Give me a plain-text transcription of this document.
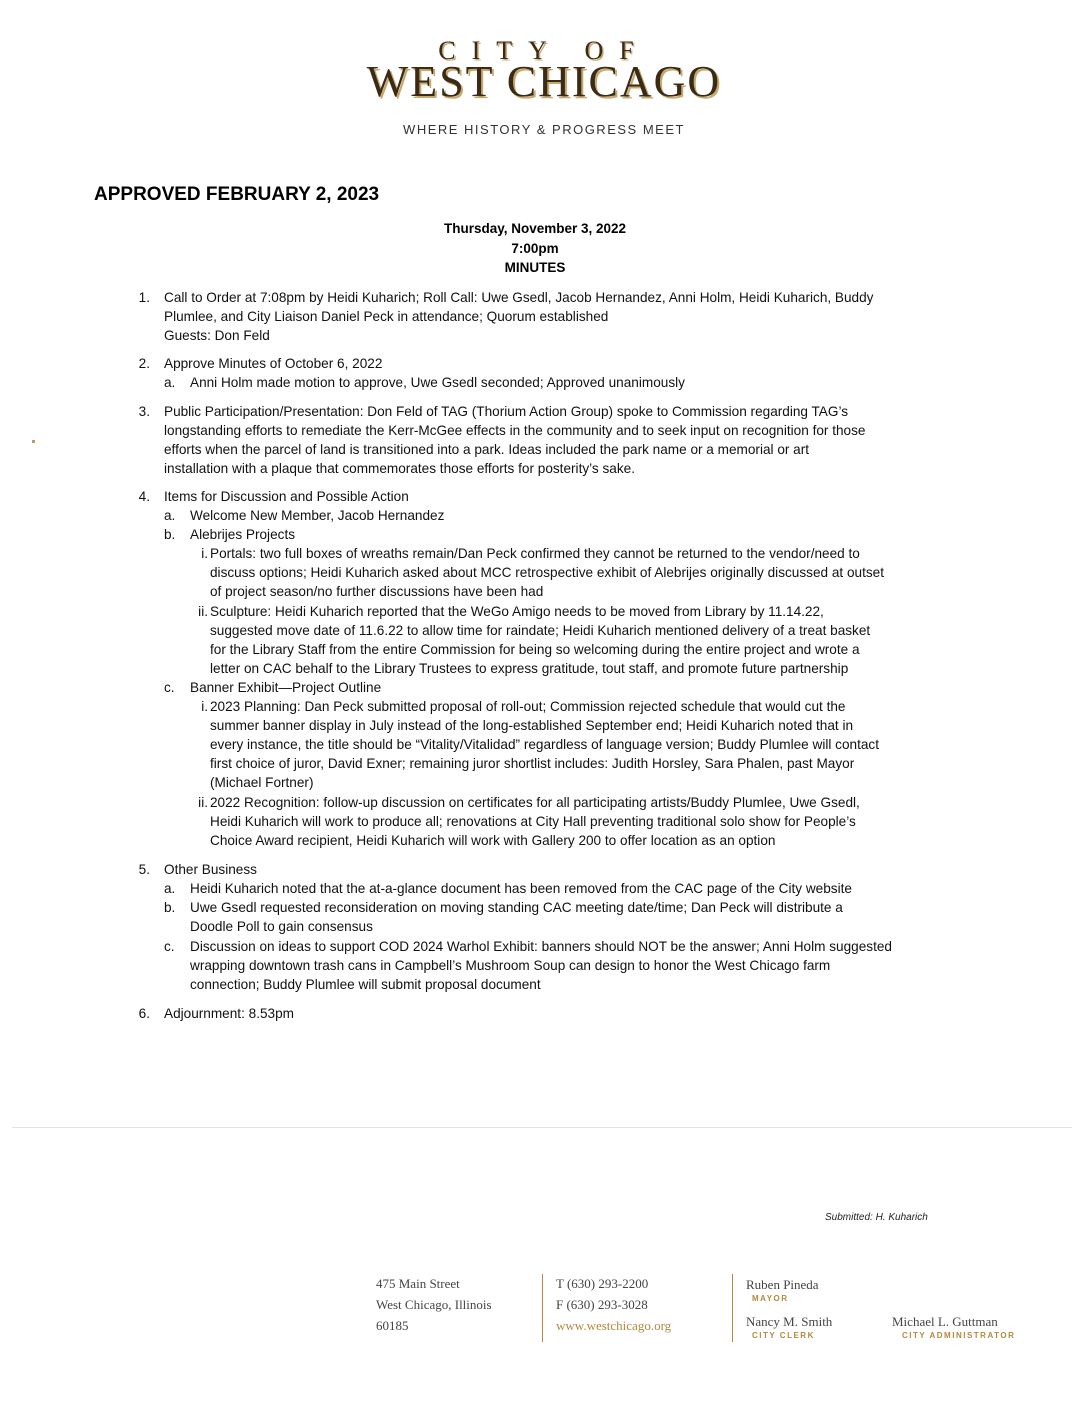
CITY OF
WEST CHICAGO
WHERE HISTORY & PROGRESS MEET
APPROVED FEBRUARY 2, 2023
Thursday, November 3, 2022
7:00pm
MINUTES
1. Call to Order at 7:08pm by Heidi Kuharich; Roll Call: Uwe Gsedl, Jacob Hernandez, Anni Holm, Heidi Kuharich, Buddy
Plumlee, and City Liaison Daniel Peck in attendance; Quorum established
Guests: Don Feld
2. Approve Minutes of October 6, 2022
a. Anni Holm made motion to approve, Uwe Gsedl seconded; Approved unanimously
3. Public Participation/Presentation: Don Feld of TAG (Thorium Action Group) spoke to Commission regarding TAG’s
longstanding efforts to remediate the Kerr-McGee effects in the community and to seek input on recognition for those
efforts when the parcel of land is transitioned into a park. Ideas included the park name or a memorial or art
installation with a plaque that commemorates those efforts for posterity’s sake.
4. Items for Discussion and Possible Action
a. Welcome New Member, Jacob Hernandez
b. Alebrijes Projects
i. Portals: two full boxes of wreaths remain/Dan Peck confirmed they cannot be returned to the vendor/need to
discuss options; Heidi Kuharich asked about MCC retrospective exhibit of Alebrijes originally discussed at outset
of project season/no further discussions have been had
ii. Sculpture: Heidi Kuharich reported that the WeGo Amigo needs to be moved from Library by 11.14.22,
suggested move date of 11.6.22 to allow time for raindate; Heidi Kuharich mentioned delivery of a treat basket
for the Library Staff from the entire Commission for being so welcoming during the entire project and wrote a
letter on CAC behalf to the Library Trustees to express gratitude, tout staff, and promote future partnership
c. Banner Exhibit—Project Outline
i. 2023 Planning: Dan Peck submitted proposal of roll-out; Commission rejected schedule that would cut the
summer banner display in July instead of the long-established September end; Heidi Kuharich noted that in
every instance, the title should be “Vitality/Vitalidad” regardless of language version; Buddy Plumlee will contact
first choice of juror, David Exner; remaining juror shortlist includes: Judith Horsley, Sara Phalen, past Mayor
(Michael Fortner)
ii. 2022 Recognition: follow-up discussion on certificates for all participating artists/Buddy Plumlee, Uwe Gsedl,
Heidi Kuharich will work to produce all; renovations at City Hall preventing traditional solo show for People’s
Choice Award recipient, Heidi Kuharich will work with Gallery 200 to offer location as an option
5. Other Business
a. Heidi Kuharich noted that the at-a-glance document has been removed from the CAC page of the City website
b. Uwe Gsedl requested reconsideration on moving standing CAC meeting date/time; Dan Peck will distribute a
Doodle Poll to gain consensus
c. Discussion on ideas to support COD 2024 Warhol Exhibit: banners should NOT be the answer; Anni Holm suggested
wrapping downtown trash cans in Campbell’s Mushroom Soup can design to honor the West Chicago farm
connection; Buddy Plumlee will submit proposal document
6. Adjournment: 8.53pm
Submitted: H. Kuharich
475 Main Street
West Chicago, Illinois
60185
T (630) 293-2200
F (630) 293-3028
www.westchicago.org
Ruben Pineda
MAYOR
Nancy M. Smith
CITY CLERK
Michael L. Guttman
CITY ADMINISTRATOR
